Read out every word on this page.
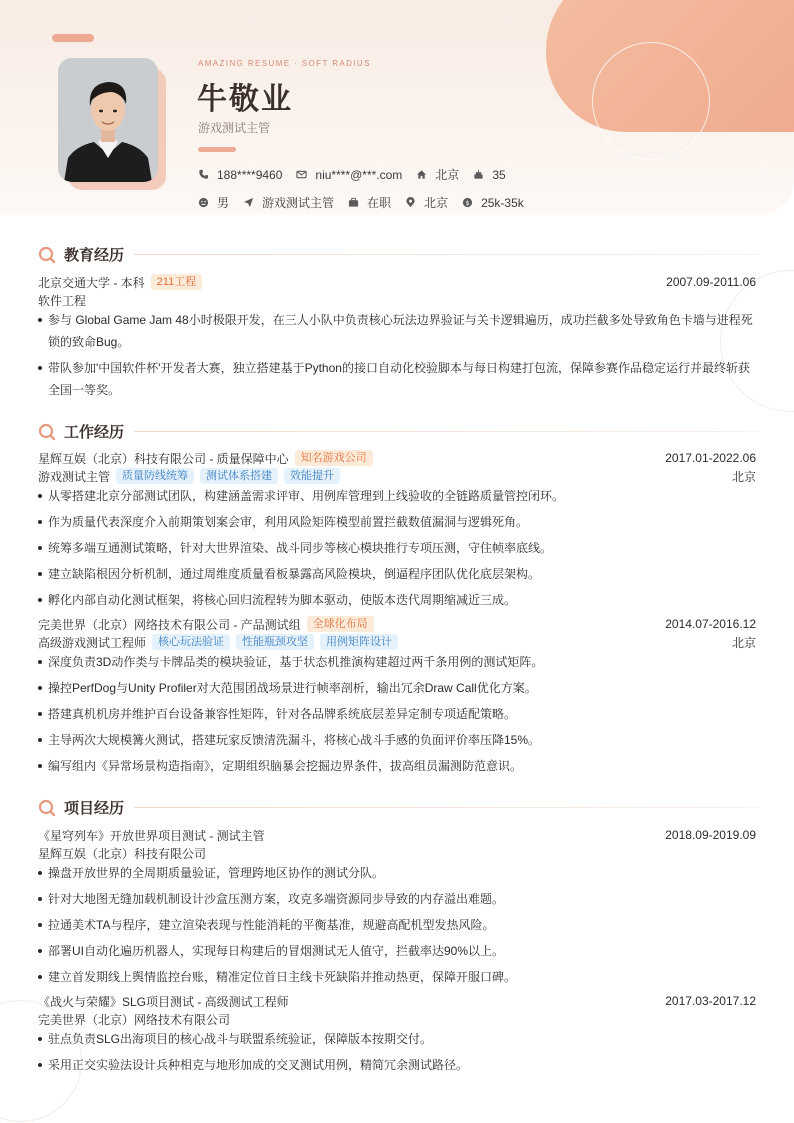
AMAZING RESUME · SOFT RADIUS
牛敬业
游戏测试主管
188****9460	niu****@***.com	北京	35
男	游戏测试主管	在职	北京 $ 25k-35k
教育经历
北京交通大学 - 本科	211工程	2007.09-2011.06
软件工程
参与 Global Game Jam 48小时极限开发，在三人小队中负责核心玩法边界验证与关卡逻辑遍历，成功拦截多处导致角色卡墙与进程死锁的致命Bug。
带队参加'中国软件杯'开发者大赛，独立搭建基于Python的接口自动化校验脚本与每日构建打包流，保障参赛作品稳定运行并最终斩获全国一等奖。
工作经历
星辉互娱（北京）科技有限公司 - 质量保障中心	知名游戏公司	2017.01-2022.06
游戏测试主管	质量防线统筹	测试体系搭建	效能提升	北京
从零搭建北京分部测试团队，构建涵盖需求评审、用例库管理到上线验收的全链路质量管控闭环。
作为质量代表深度介入前期策划案会审，利用风险矩阵模型前置拦截数值漏洞与逻辑死角。
统筹多端互通测试策略，针对大世界渲染、战斗同步等核心模块推行专项压测，守住帧率底线。
建立缺陷根因分析机制，通过周维度质量看板暴露高风险模块，倒逼程序团队优化底层架构。
孵化内部自动化测试框架，将核心回归流程转为脚本驱动，使版本迭代周期缩减近三成。
完美世界（北京）网络技术有限公司 - 产品测试组	全球化布局	2014.07-2016.12
高级游戏测试工程师	核心玩法验证	性能瓶颈攻坚	用例矩阵设计	北京
深度负责3D动作类与卡牌品类的模块验证，基于状态机推演构建超过两千条用例的测试矩阵。
操控PerfDog与Unity Profiler对大范围团战场景进行帧率剖析，输出冗余Draw Call优化方案。
搭建真机机房并维护百台设备兼容性矩阵，针对各品牌系统底层差异定制专项适配策略。
主导两次大规模篝火测试，搭建玩家反馈清洗漏斗，将核心战斗手感的负面评价率压降15%。
编写组内《异常场景构造指南》，定期组织脑暴会挖掘边界条件，拔高组员漏测防范意识。
项目经历
《星穹列车》开放世界项目测试 - 测试主管	2018.09-2019.09
星辉互娱（北京）科技有限公司
操盘开放世界的全周期质量验证，管理跨地区协作的测试分队。
针对大地图无缝加载机制设计沙盒压测方案，攻克多端资源同步导致的内存溢出难题。
拉通美术TA与程序，建立渲染表现与性能消耗的平衡基准，规避高配机型发热风险。
部署UI自动化遍历机器人，实现每日构建后的冒烟测试无人值守，拦截率达90%以上。
建立首发期线上舆情监控台账，精准定位首日主线卡死缺陷并推动热更，保障开服口碑。
《战火与荣耀》SLG项目测试 - 高级测试工程师	2017.03-2017.12
完美世界（北京）网络技术有限公司
驻点负责SLG出海项目的核心战斗与联盟系统验证，保障版本按期交付。
采用正交实验法设计兵种相克与地形加成的交叉测试用例，精简冗余测试路径。
